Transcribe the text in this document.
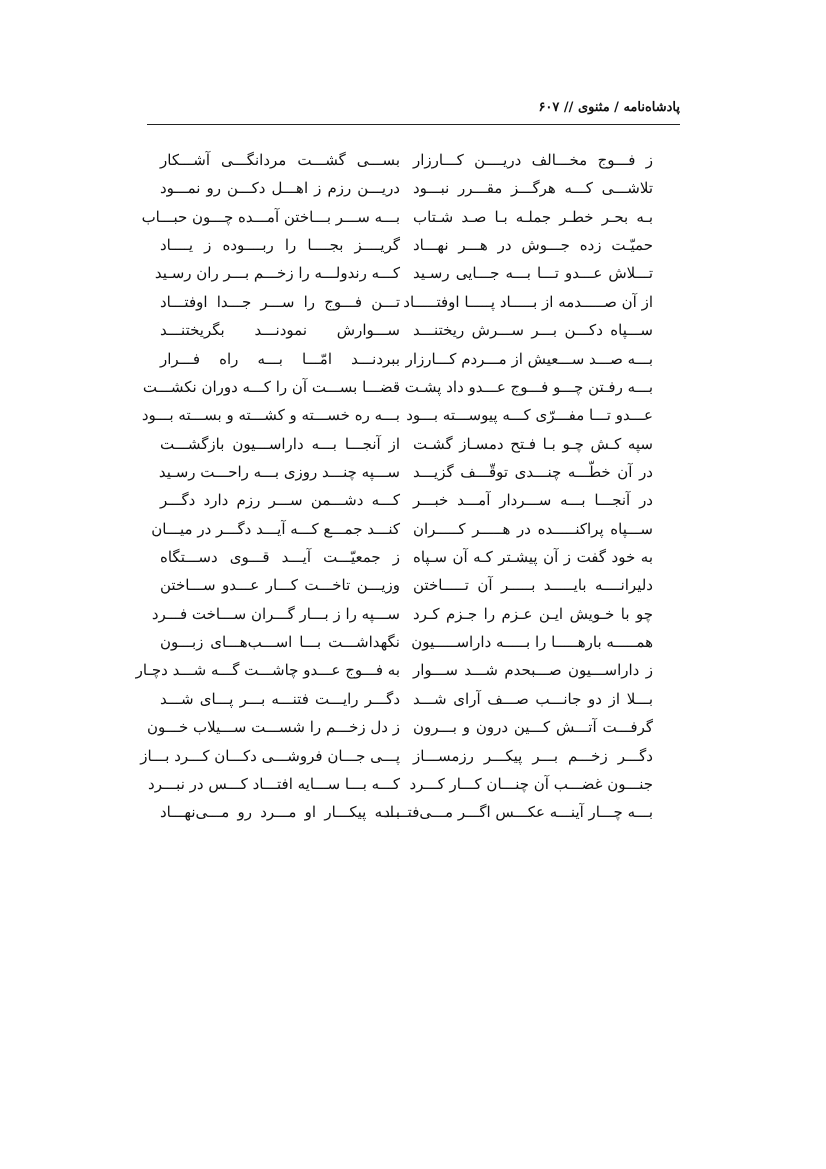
پادشاه‌نامه / مثنوی // ۶۰۷
ز فـــوج مخـــالف دریــــن کـــارزار
تلاشـــی کـــه هرگـــز مقـــرر نبـــود
بـه بحـر خطـر جملـه بـا صـد شـتاب
حمیّـت زده جـــوش در هـــر نهـــاد
تـــلاش عـــدو تـــا بـــه جـــایی رسـید
از آن صـــــدمه از بـــــاد پـــــا اوفتـــــاد
ســـپاه دکـــن بـــر ســـرش ریختنـــد
بـــه صـــد ســـعیش از مـــردم کـــارزار
بـــه رفـتن چـــو فـــوج عـــدو داد پشـت
عـــدو تـــا مفـــرّی کـــه پیوســـته بـــود
سپه کـش چـو بـا فـتح دمسـاز گشـت
در آن خطّـــه چنـــدی توقّـــف گزیـــد
در آنجـــا بـــه ســـردار آمـــد خبـــر
ســـپاه پراکنـــــده در هـــــر کـــــران
به خود گفت ز آن پیشـتر کـه آن سـپاه
دلیرانــــه بایـــــد بـــــر آن تـــــاختن
چو با خـویش ایـن عـزم را جـزم کـرد
همـــــه بارهـــــا را بـــــه داراســـــیون
ز داراســـیون صـــبحدم شـــد ســـوار
بـــلا از دو جانـــب صـــف آرای شـــد
گرفـــت آتـــش کـــین درون و بـــرون
دگـــر زخـــم بـــر پیکـــر رزمســـاز
جنـــون غضـــب آن چنـــان کـــار کـــرد
بـــه چـــار آینـــه عکـــس اگـــر مـــی‌فتـــاد
بســـی گشـــت مردانگـــی آشـــکار
دریـــن رزم ز اهـــل دکـــن رو نمـــود
بـــه ســـر بـــاختن آمـــده چـــون حبـــاب
گریــــز بجــــا را ربــــوده ز یــــاد
کـــه رندولـــه را زخـــم بـــر ران رسـید
تـــن فـــوج را ســـر جـــدا اوفتـــاد
ســـوارش نمودنـــد بگریختنـــد
ببردنـــد امّـــا بـــه راه فـــرار
قضـــا بســـت آن را کـــه دوران نکشـــت
بـــه ره خســـته و کشـــته و بســـته بـــود
از آنجـــا بـــه داراســـیون بازگشـــت
ســـپه چنـــد روزی بـــه راحـــت رسـید
کـــه دشـــمن ســـر رزم دارد دگـــر
کنـــد جمـــع کـــه آیـــد دگـــر در میـــان
ز جمعیّـــت آیـــد قـــوی دســـتگاه
وزیـــن تاخـــت کـــار عـــدو ســـاختن
ســـپه را ز بـــار گـــران ســـاخت فـــرد
نگهداشـــت بـــا اســـب‌هـــای زبـــون
به فـــوج عـــدو چاشـــت گـــه شـــد دچـار
دگـــر رایـــت فتنـــه بـــر پـــای شـــد
ز دل زخـــم را شســـت ســـیلاب خـــون
پـــی جـــان فروشـــی دکـــان کـــرد بـــاز
کـــه بـــا ســـایه افتـــاد کـــس در نبـــرد
بـــه پیکـــار او مـــرد رو مـــی‌نهـــاد
